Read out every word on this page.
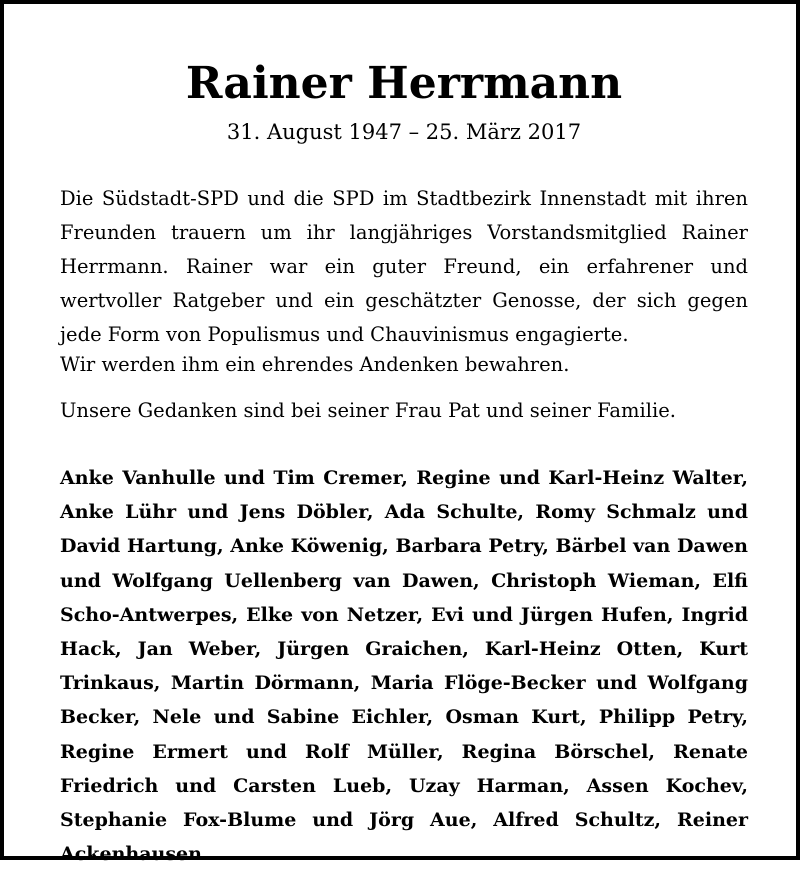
Rainer Herrmann

31. August 1947 – 25. März 2017

Die Südstadt-SPD und die SPD im Stadtbezirk Innenstadt mit ihren Freunden trauern um ihr langjähriges Vorstandsmitglied Rainer Herrmann. Rainer war ein guter Freund, ein erfahrener und wertvoller Ratgeber und ein geschätzter Genosse, der sich gegen jede Form von Populismus und Chauvinismus engagierte.

Wir werden ihm ein ehrendes Andenken bewahren.

Unsere Gedanken sind bei seiner Frau Pat und seiner Familie.

Anke Vanhulle und Tim Cremer, Regine und Karl-Heinz Walter, Anke Lühr und Jens Döbler, Ada Schulte, Romy Schmalz und David Hartung, Anke Köwenig, Barbara Petry, Bärbel van Dawen und Wolfgang Uellenberg van Dawen, Christoph Wieman, Elfi Scho-Antwerpes, Elke von Netzer, Evi und Jürgen Hufen, Ingrid Hack, Jan Weber, Jürgen Graichen, Karl-Heinz Otten, Kurt Trinkaus, Martin Dörmann, Maria Flöge-Becker und Wolfgang Becker, Nele und Sabine Eichler, Osman Kurt, Philipp Petry, Regine Ermert und Rolf Müller, Regina Börschel, Renate Friedrich und Carsten Lueb, Uzay Harman, Assen Kochev, Stephanie Fox-Blume und Jörg Aue, Alfred Schultz, Reiner Ackenhausen
